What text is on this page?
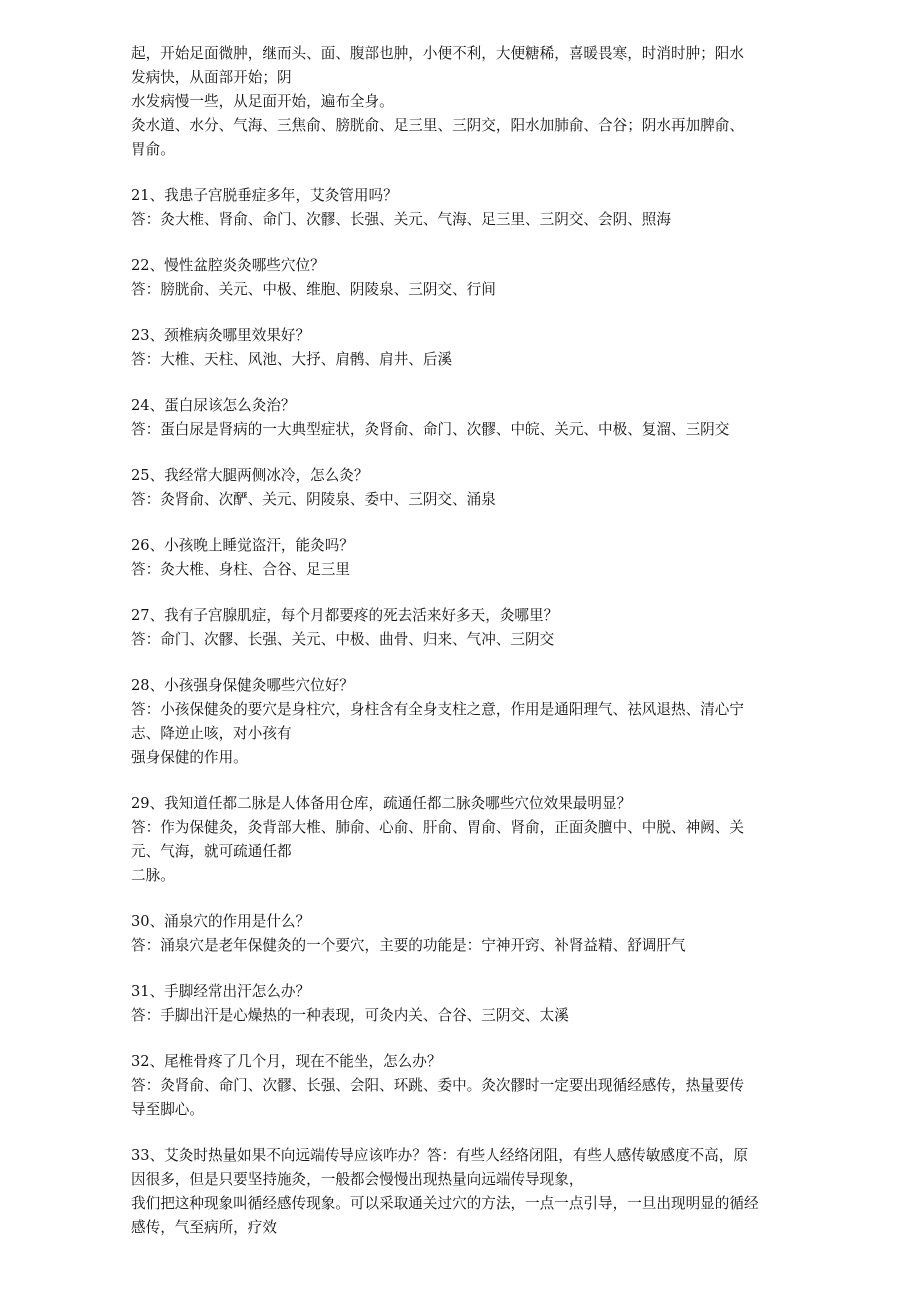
起，开始足面微肿，继而头、面、腹部也肿，小便不利，大便糖稀，喜暖畏寒，时消时肿；阳水
发病快，从面部开始；阴
水发病慢一些，从足面开始，遍布全身。
灸水道、水分、气海、三焦俞、膀胱俞、足三里、三阴交，阳水加肺俞、合谷；阴水再加脾俞、
胃俞。
21、我患子宫脱垂症多年，艾灸管用吗？
答：灸大椎、肾俞、命门、次髎、长强、关元、气海、足三里、三阴交、会阴、照海
22、慢性盆腔炎灸哪些穴位？
答：膀胱俞、关元、中极、维胞、阴陵泉、三阴交、行间
23、颈椎病灸哪里效果好？
答：大椎、天柱、风池、大抒、肩鹘、肩井、后溪
24、蛋白尿该怎么灸治？
答：蛋白尿是肾病的一大典型症状，灸肾俞、命门、次髎、中皖、关元、中极、复溜、三阴交
25、我经常大腿两侧冰冷，怎么灸？
答：灸肾俞、次酽、关元、阴陵泉、委中、三阴交、涌泉
26、小孩晚上睡觉盗汗，能灸吗？
答：灸大椎、身柱、合谷、足三里
27、我有子宫腺肌症，每个月都要疼的死去活来好多天，灸哪里？
答：命门、次髎、长强、关元、中极、曲骨、归来、气冲、三阴交
28、小孩强身保健灸哪些穴位好？
答：小孩保健灸的要穴是身柱穴，身柱含有全身支柱之意，作用是通阳理气、祛风退热、清心宁
志、降逆止咳，对小孩有
强身保健的作用。
29、我知道任都二脉是人体备用仓库，疏通任都二脉灸哪些穴位效果最明显？
答：作为保健灸，灸背部大椎、肺俞、心俞、肝俞、胃俞、肾俞，正面灸膻中、中脱、神阙、关
元、气海，就可疏通任都
二脉。
30、涌泉穴的作用是什么？
答：涌泉穴是老年保健灸的一个要穴，主要的功能是：宁神开窍、补肾益精、舒调肝气
31、手脚经常出汗怎么办？
答：手脚出汗是心燥热的一种表现，可灸内关、合谷、三阴交、太溪
32、尾椎骨疼了几个月，现在不能坐，怎么办？
答：灸肾俞、命门、次髎、长强、会阳、环跳、委中。灸次髎时一定要出现循经感传，热量要传
导至脚心。
33、艾灸时热量如果不向远端传导应该咋办？答：有些人经络闭阻，有些人感传敏感度不高，原
因很多，但是只要坚持施灸，一般都会慢慢出现热量向远端传导现象，
我们把这种现象叫循经感传现象。可以采取通关过穴的方法，一点一点引导，一旦出现明显的循经
感传，气至病所，疗效
